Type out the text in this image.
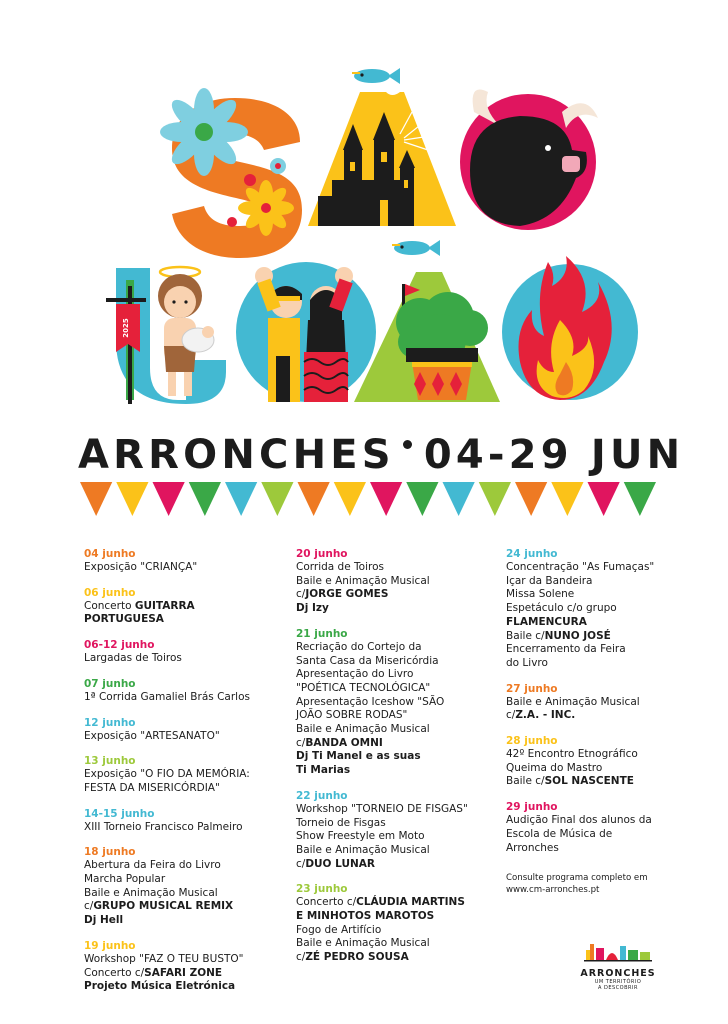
2025
ARRONCHES 04-29 JUN
04 junho
Exposição "CRIANÇA"
06 junho
Concerto GUITARRA PORTUGUESA
06-12 junho
Largadas de Toiros
07 junho
1ª Corrida Gamaliel Brás Carlos
12 junho
Exposição "ARTESANATO"
13 junho
Exposição "O FIO DA MEMÓRIA:
FESTA DA MISERICÓRDIA"
14-15 junho
XIII Torneio Francisco Palmeiro
18 junho
Abertura da Feira do Livro
Marcha Popular
Baile e Animação Musical
c/GRUPO MUSICAL REMIX
Dj Hell
19 junho
Workshop "FAZ O TEU BUSTO"
Concerto c/SAFARI ZONE
Projeto Música Eletrónica
20 junho
Corrida de Toiros
Baile e Animação Musical
c/JORGE GOMES
Dj Izy
21 junho
Recriação do Cortejo da
Santa Casa da Misericórdia
Apresentação do Livro
"POÉTICA TECNOLÓGICA"
Apresentação Iceshow "SÃO
JOÃO SOBRE RODAS"
Baile e Animação Musical
c/BANDA OMNI
Dj Ti Manel e as suas
Ti Marias
22 junho
Workshop "TORNEIO DE FISGAS"
Torneio de Fisgas
Show Freestyle em Moto
Baile e Animação Musical
c/DUO LUNAR
23 junho
Concerto c/CLÁUDIA MARTINS
E MINHOTOS MAROTOS
Fogo de Artifício
Baile e Animação Musical
c/ZÉ PEDRO SOUSA
24 junho
Concentração "As Fumaças"
Içar da Bandeira
Missa Solene
Espetáculo c/o grupo
FLAMENCURA
Baile c/NUNO JOSÉ
Encerramento da Feira
do Livro
27 junho
Baile e Animação Musical
c/Z.A. - INC.
28 junho
42º Encontro Etnográfico
Queima do Mastro
Baile c/SOL NASCENTE
29 junho
Audição Final dos alunos da
Escola de Música de
Arronches
Consulte programa completo em
www.cm-arronches.pt
ARRONCHES
UM TERRITÓRIO
A DESCOBRIR
